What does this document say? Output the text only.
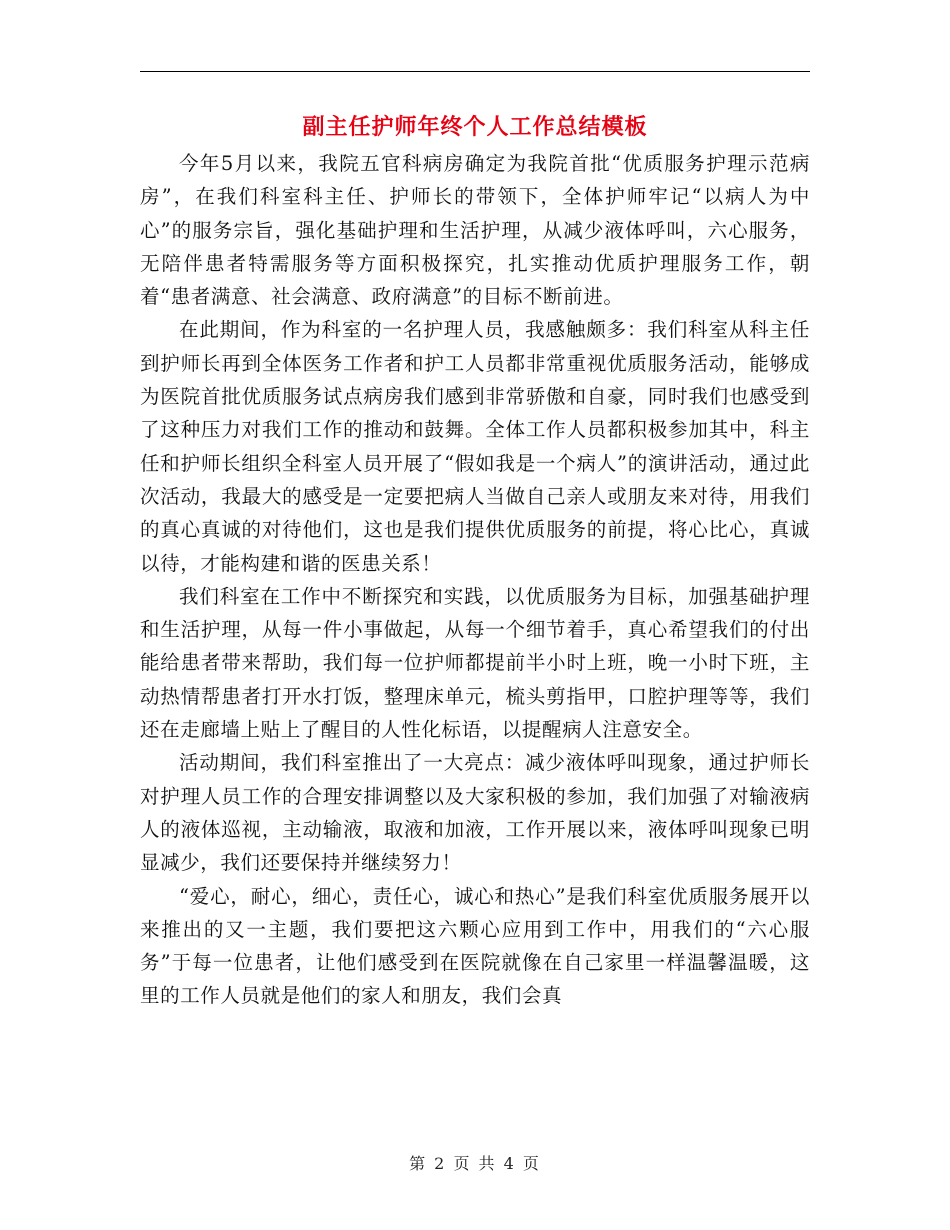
副主任护师年终个人工作总结模板

今年5月以来，我院五官科病房确定为我院首批“优质服务护理示范病房”，在我们科室科主任、护师长的带领下，全体护师牢记“以病人为中心”的服务宗旨，强化基础护理和生活护理，从减少液体呼叫，六心服务，无陪伴患者特需服务等方面积极探究，扎实推动优质护理服务工作，朝着“患者满意、社会满意、政府满意”的目标不断前进。

在此期间，作为科室的一名护理人员，我感触颇多：我们科室从科主任到护师长再到全体医务工作者和护工人员都非常重视优质服务活动，能够成为医院首批优质服务试点病房我们感到非常骄傲和自豪，同时我们也感受到了这种压力对我们工作的推动和鼓舞。全体工作人员都积极参加其中，科主任和护师长组织全科室人员开展了“假如我是一个病人”的演讲活动，通过此次活动，我最大的感受是一定要把病人当做自己亲人或朋友来对待，用我们的真心真诚的对待他们，这也是我们提供优质服务的前提，将心比心，真诚以待，才能构建和谐的医患关系！

我们科室在工作中不断探究和实践，以优质服务为目标，加强基础护理和生活护理，从每一件小事做起，从每一个细节着手，真心希望我们的付出能给患者带来帮助，我们每一位护师都提前半小时上班，晚一小时下班，主动热情帮患者打开水打饭，整理床单元，梳头剪指甲，口腔护理等等，我们还在走廊墙上贴上了醒目的人性化标语，以提醒病人注意安全。

活动期间，我们科室推出了一大亮点：减少液体呼叫现象，通过护师长对护理人员工作的合理安排调整以及大家积极的参加，我们加强了对输液病人的液体巡视，主动输液，取液和加液，工作开展以来，液体呼叫现象已明显减少，我们还要保持并继续努力！

“爱心，耐心，细心，责任心，诚心和热心”是我们科室优质服务展开以来推出的又一主题，我们要把这六颗心应用到工作中，用我们的“六心服务”于每一位患者，让他们感受到在医院就像在自己家里一样温馨温暖，这里的工作人员就是他们的家人和朋友，我们会真

第 2 页 共 4 页
